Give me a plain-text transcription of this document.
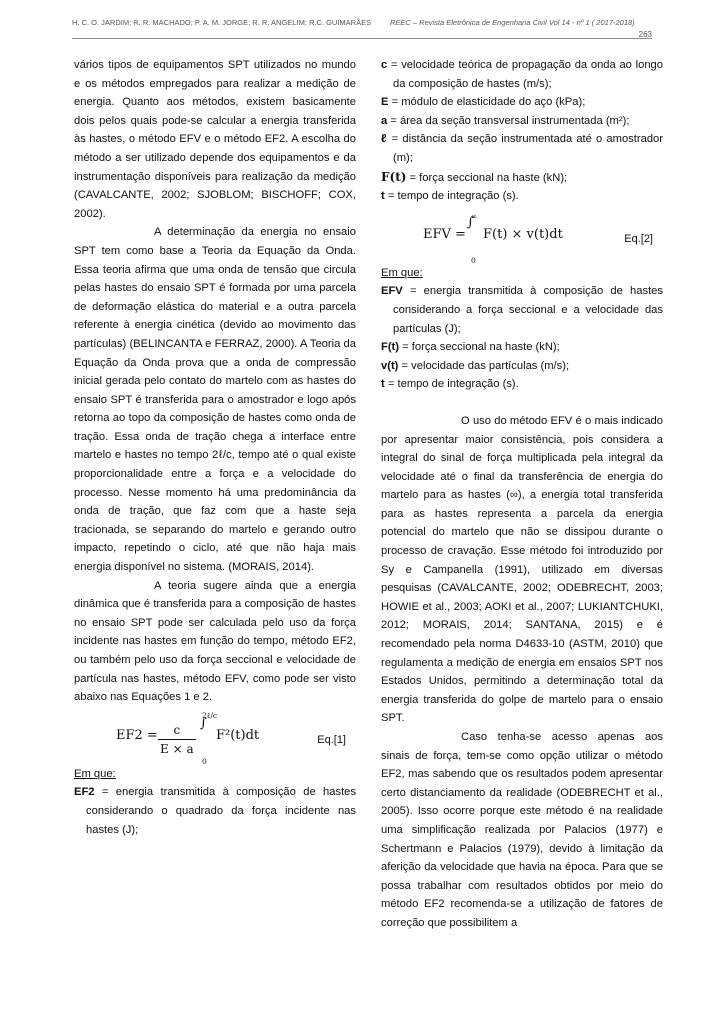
H. C. O. JARDIM; R. R. MACHADO; P. A. M. JORGE; R. R. ANGELIM; R.C. GUIMARÃES	REEC – Revista Eletrônica de Engenharia Civil Vol 14 - nº 1 ( 2017-2018)
263

vários tipos de equipamentos SPT utilizados no mundo e os métodos empregados para realizar a medição de energia. Quanto aos métodos, existem basicamente dois pelos quais pode-se calcular a energia transferida às hastes, o método EFV e o método EF2. A escolha do método a ser utilizado depende dos equipamentos e da instrumentação disponíveis para realização da medição (CAVALCANTE, 2002; SJOBLOM; BISCHOFF; COX, 2002).

A determinação da energia no ensaio SPT tem como base a Teoria da Equação da Onda. Essa teoria afirma que uma onda de tensão que circula pelas hastes do ensaio SPT é formada por uma parcela de deformação elástica do material e a outra parcela referente à energia cinética (devido ao movimento das partículas) (BELINCANTA e FERRAZ, 2000). A Teoria da Equação da Onda prova que a onda de compressão inicial gerada pelo contato do martelo com as hastes do ensaio SPT é transferida para o amostrador e logo após retorna ao topo da composição de hastes como onda de tração. Essa onda de tração chega a interface entre martelo e hastes no tempo 2ℓ/c, tempo até o qual existe proporcionalidade entre a força e a velocidade do processo. Nesse momento há uma predominância da onda de tração, que faz com que a haste seja tracionada, se separando do martelo e gerando outro impacto, repetindo o ciclo, até que não haja mais energia disponível no sistema. (MORAIS, 2014).

A teoria sugere ainda que a energia dinâmica que é transferida para a composição de hastes no ensaio SPT pode ser calculada pelo uso da força incidente nas hastes em função do tempo, método EF2, ou também pelo uso da força seccional e velocidade de partícula nas hastes, método EFV, como pode ser visto abaixo nas Equações 1 e 2.

$EF2 = \frac{c}{E \times a}$
2ℓ/c
∫
0
F²(t)dt	Eq.[1]

Em que:

EF2 = energia transmitida à composição de hastes considerando o quadrado da força incidente nas hastes (J);

c = velocidade teórica de propagação da onda ao longo da composição de hastes (m/s);

E = módulo de elasticidade do aço (kPa);

a = área da seção transversal instrumentada (m²);

ℓ = distância da seção instrumentada até o amostrador (m);

F(t) = força seccional na haste (kN);

t = tempo de integração (s).

EFV =
∞
∫
0
F(t) × v(t)dt	Eq.[2]

Em que:

EFV = energia transmitida à composição de hastes considerando a força seccional e a velocidade das partículas (J);

F(t) = força seccional na haste (kN);

v(t) = velocidade das partículas (m/s);

t = tempo de integração (s).

O uso do método EFV é o mais indicado por apresentar maior consistência, pois considera a integral do sinal de força multiplicada pela integral da velocidade até o final da transferência de energia do martelo para as hastes (∞), a energia total transferida para as hastes representa a parcela da energia potencial do martelo que não se dissipou durante o processo de cravação. Esse método foi introduzido por Sy e Campanella (1991), utilizado em diversas pesquisas (CAVALCANTE, 2002; ODEBRECHT, 2003; HOWIE et al., 2003; AOKI et al., 2007; LUKIANTCHUKI, 2012; MORAIS, 2014; SANTANA, 2015) e é recomendado pela norma D4633-10 (ASTM, 2010) que regulamenta a medição de energia em ensaios SPT nos Estados Unidos, permitindo a determinação total da energia transferida do golpe de martelo para o ensaio SPT.

Caso tenha-se acesso apenas aos sinais de força, tem-se como opção utilizar o método EF2, mas sabendo que os resultados podem apresentar certo distanciamento da realidade (ODEBRECHT et al., 2005). Isso ocorre porque este método é na realidade uma simplificação realizada por Palacios (1977) e Schertmann e Palacios (1979), devido à limitação da aferição da velocidade que havia na época. Para que se possa trabalhar com resultados obtidos por meio do método EF2 recomenda-se a utilização de fatores de correção que possibilitem a
